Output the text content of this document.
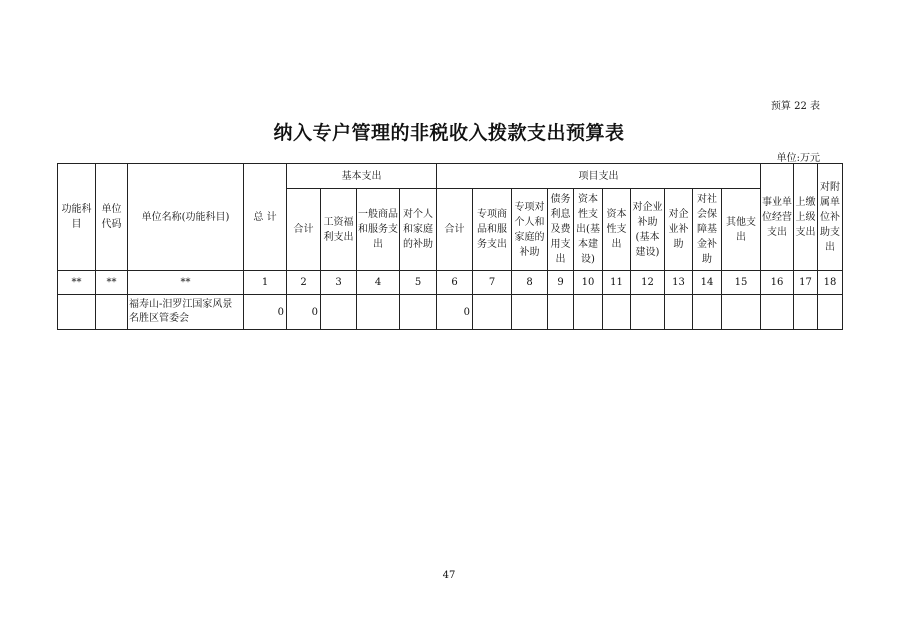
预算 22 表
纳入专户管理的非税收入拨款支出预算表
单位:万元
功能科目	单位代码	单位名称(功能科目)	总 计	基本支出				项目支出										事业单位经营支出	上缴上级支出	对附属单位补助支出
				合计	工资福利支出	一般商品和服务支出	对个人和家庭的补助	合计	专项商品和服务支出	专项对个人和家庭的补助	债务利息及费用支出	资本性支出(基本建设)	资本性支出	对企业补助(基本建设)	对企业补助	对社会保障基金补助	其他支出			
**	**	**	1	2	3	4	5	6	7	8	9	10	11	12	13	14	15	16	17	18
		福寿山-汨罗江国家风景名胜区管委会	0	0				0												
47
